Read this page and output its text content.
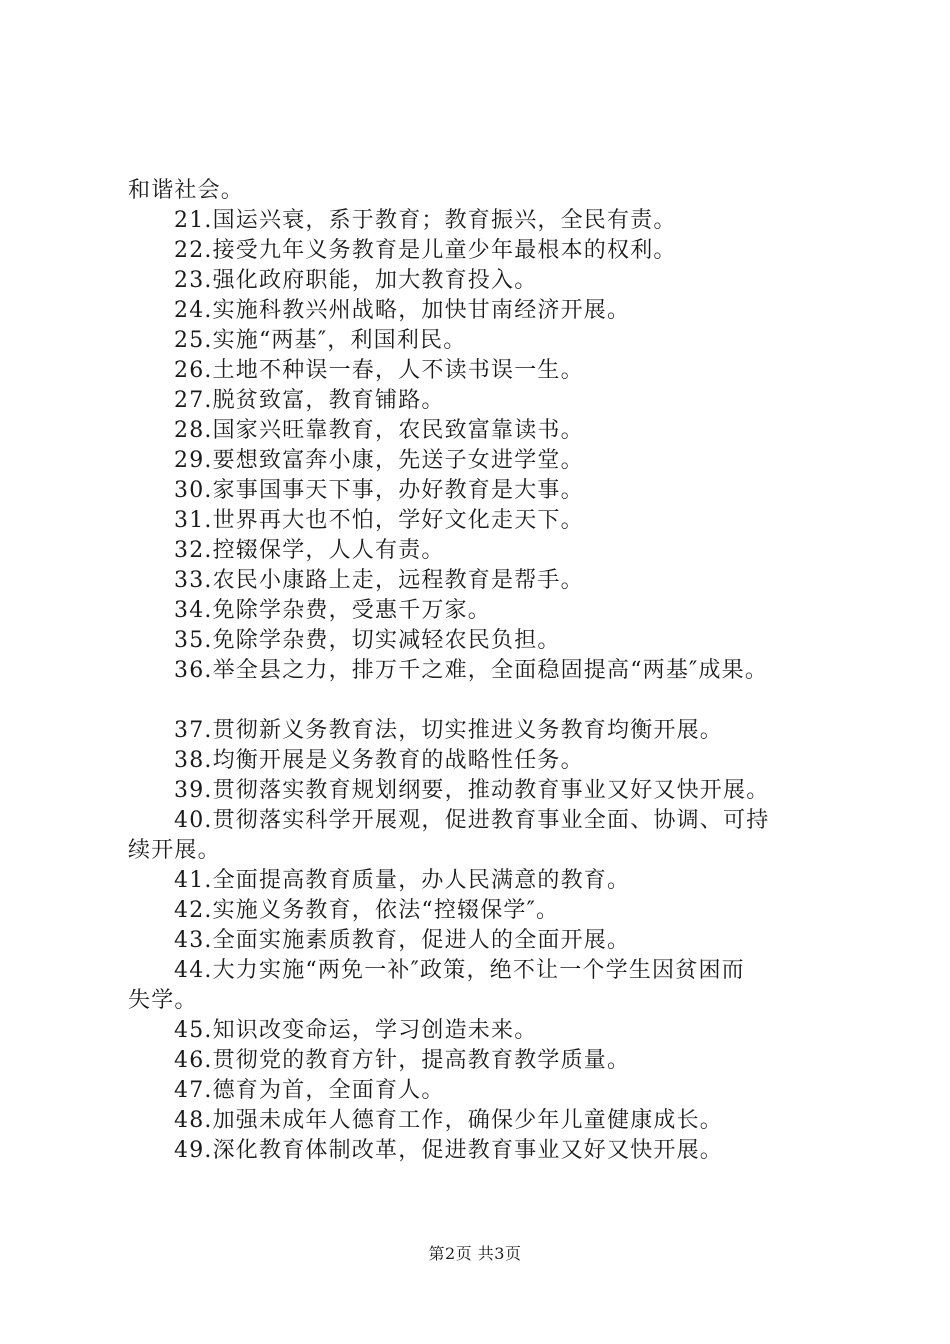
和谐社会。
21.国运兴衰，系于教育；教育振兴，全民有责。
22.接受九年义务教育是儿童少年最根本的权利。
23.强化政府职能，加大教育投入。
24.实施科教兴州战略，加快甘南经济开展。
25.实施“两基″，利国利民。
26.土地不种误一春，人不读书误一生。
27.脱贫致富，教育铺路。
28.国家兴旺靠教育，农民致富靠读书。
29.要想致富奔小康，先送子女进学堂。
30.家事国事天下事，办好教育是大事。
31.世界再大也不怕，学好文化走天下。
32.控辍保学，人人有责。
33.农民小康路上走，远程教育是帮手。
34.免除学杂费，受惠千万家。
35.免除学杂费，切实减轻农民负担。
36.举全县之力，排万千之难，全面稳固提高“两基″成果。
37.贯彻新义务教育法，切实推进义务教育均衡开展。
38.均衡开展是义务教育的战略性任务。
39.贯彻落实教育规划纲要，推动教育事业又好又快开展。
40.贯彻落实科学开展观，促进教育事业全面、协调、可持
续开展。
41.全面提高教育质量，办人民满意的教育。
42.实施义务教育，依法“控辍保学″。
43.全面实施素质教育，促进人的全面开展。
44.大力实施“两免一补″政策，绝不让一个学生因贫困而
失学。
45.知识改变命运，学习创造未来。
46.贯彻党的教育方针，提高教育教学质量。
47.德育为首，全面育人。
48.加强未成年人德育工作，确保少年儿童健康成长。
49.深化教育体制改革，促进教育事业又好又快开展。
第2页 共3页
